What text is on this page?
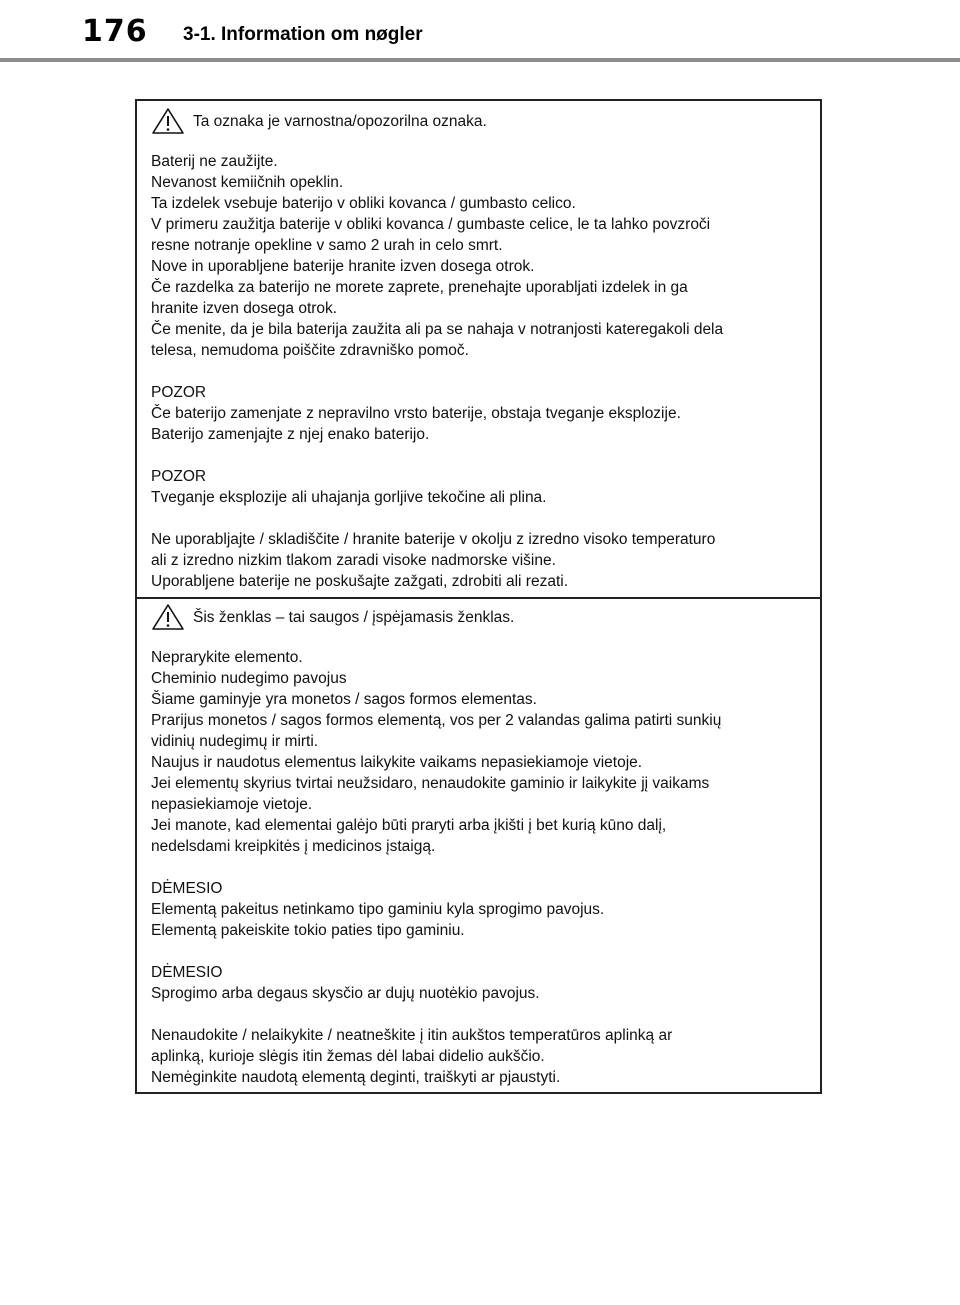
176 3-1. Information om nøgler
Ta oznaka je varnostna/opozorilna oznaka.
Baterij ne zaužijte.
Nevanost kemiičnih opeklin.
Ta izdelek vsebuje baterijo v obliki kovanca / gumbasto celico.
V primeru zaužitja baterije v obliki kovanca / gumbaste celice, le ta lahko povzroči
resne notranje opekline v samo 2 urah in celo smrt.
Nove in uporabljene baterije hranite izven dosega otrok.
Če razdelka za baterijo ne morete zaprete, prenehajte uporabljati izdelek in ga
hranite izven dosega otrok.
Če menite, da je bila baterija zaužita ali pa se nahaja v notranjosti kateregakoli dela
telesa, nemudoma poiščite zdravniško pomoč.
POZOR
Če baterijo zamenjate z nepravilno vrsto baterije, obstaja tveganje eksplozije.
Baterijo zamenjajte z njej enako baterijo.
POZOR
Tveganje eksplozije ali uhajanja gorljive tekočine ali plina.
Ne uporabljajte / skladiščite / hranite baterije v okolju z izredno visoko temperaturo
ali z izredno nizkim tlakom zaradi visoke nadmorske višine.
Uporabljene baterije ne poskušajte zažgati, zdrobiti ali rezati.
Šis ženklas – tai saugos / įspėjamasis ženklas.
Neprarykite elemento.
Cheminio nudegimo pavojus
Šiame gaminyje yra monetos / sagos formos elementas.
Prarijus monetos / sagos formos elementą, vos per 2 valandas galima patirti sunkių
vidinių nudegimų ir mirti.
Naujus ir naudotus elementus laikykite vaikams nepasiekiamoje vietoje.
Jei elementų skyrius tvirtai neužsidaro, nenaudokite gaminio ir laikykite jį vaikams
nepasiekiamoje vietoje.
Jei manote, kad elementai galėjo būti praryti arba įkišti į bet kurią kūno dalį,
nedelsdami kreipkitės į medicinos įstaigą.
DĖMESIO
Elementą pakeitus netinkamo tipo gaminiu kyla sprogimo pavojus.
Elementą pakeiskite tokio paties tipo gaminiu.
DĖMESIO
Sprogimo arba degaus skysčio ar dujų nuotėkio pavojus.
Nenaudokite / nelaikykite / neatneškite į itin aukštos temperatūros aplinką ar
aplinką, kurioje slėgis itin žemas dėl labai didelio aukščio.
Nemėginkite naudotą elementą deginti, traiškyti ar pjaustyti.
